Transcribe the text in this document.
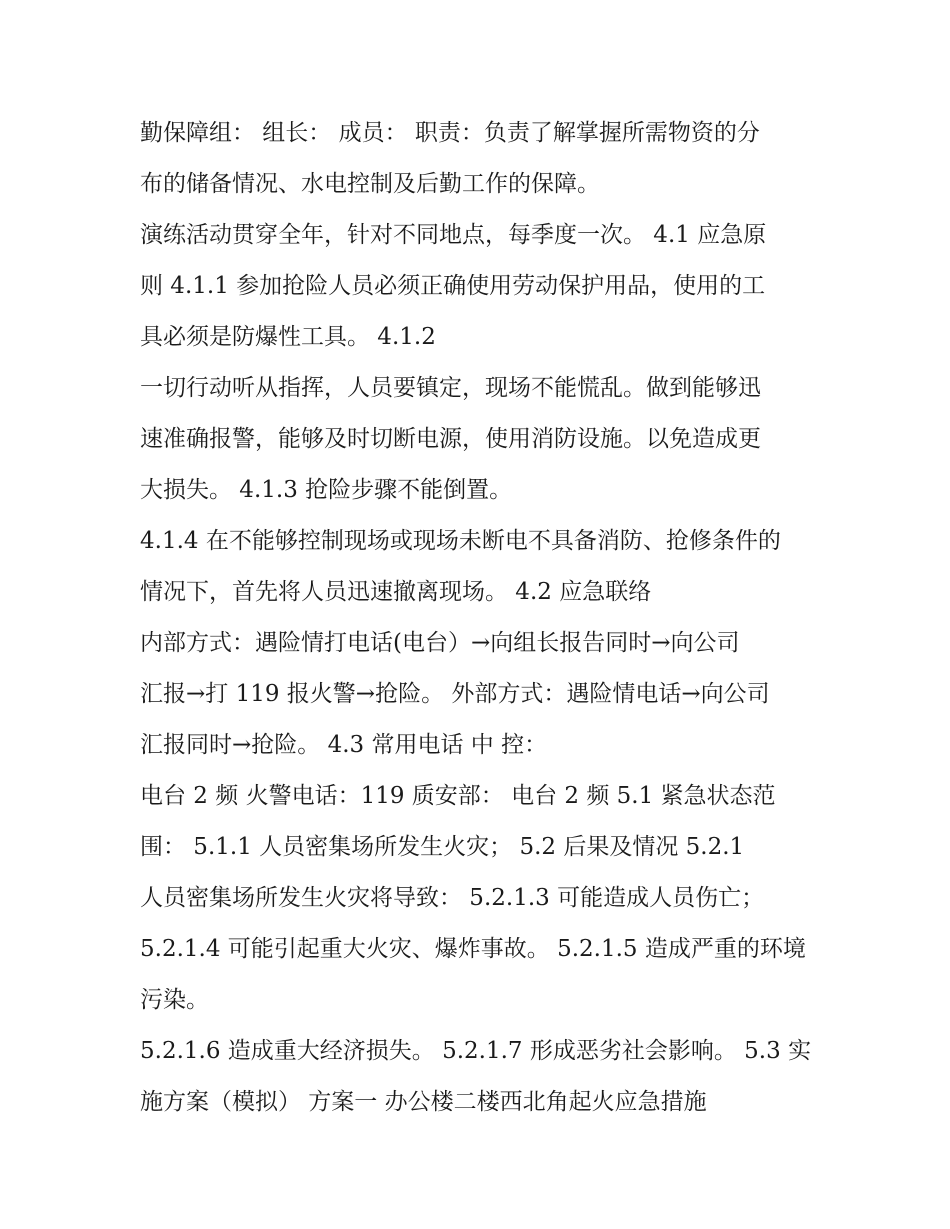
勤保障组： 组长： 成员： 职责：负责了解掌握所需物资的分
布的储备情况、水电控制及后勤工作的保障。
演练活动贯穿全年，针对不同地点，每季度一次。 4.1 应急原
则 4.1.1 参加抢险人员必须正确使用劳动保护用品，使用的工
具必须是防爆性工具。 4.1.2
一切行动听从指挥，人员要镇定，现场不能慌乱。做到能够迅
速准确报警，能够及时切断电源，使用消防设施。以免造成更
大损失。 4.1.3 抢险步骤不能倒置。
4.1.4 在不能够控制现场或现场未断电不具备消防、抢修条件的
情况下，首先将人员迅速撤离现场。 4.2 应急联络
内部方式：遇险情打电话(电台）→向组长报告同时→向公司
汇报→打 119 报火警→抢险。 外部方式：遇险情电话→向公司
汇报同时→抢险。 4.3 常用电话 中 控：
电台 2 频 火警电话：119 质安部： 电台 2 频 5.1 紧急状态范
围： 5.1.1 人员密集场所发生火灾； 5.2 后果及情况 5.2.1
人员密集场所发生火灾将导致： 5.2.1.3 可能造成人员伤亡；
5.2.1.4 可能引起重大火灾、爆炸事故。 5.2.1.5 造成严重的环境
污染。
5.2.1.6 造成重大经济损失。 5.2.1.7 形成恶劣社会影响。 5.3 实
施方案（模拟） 方案一 办公楼二楼西北角起火应急措施
